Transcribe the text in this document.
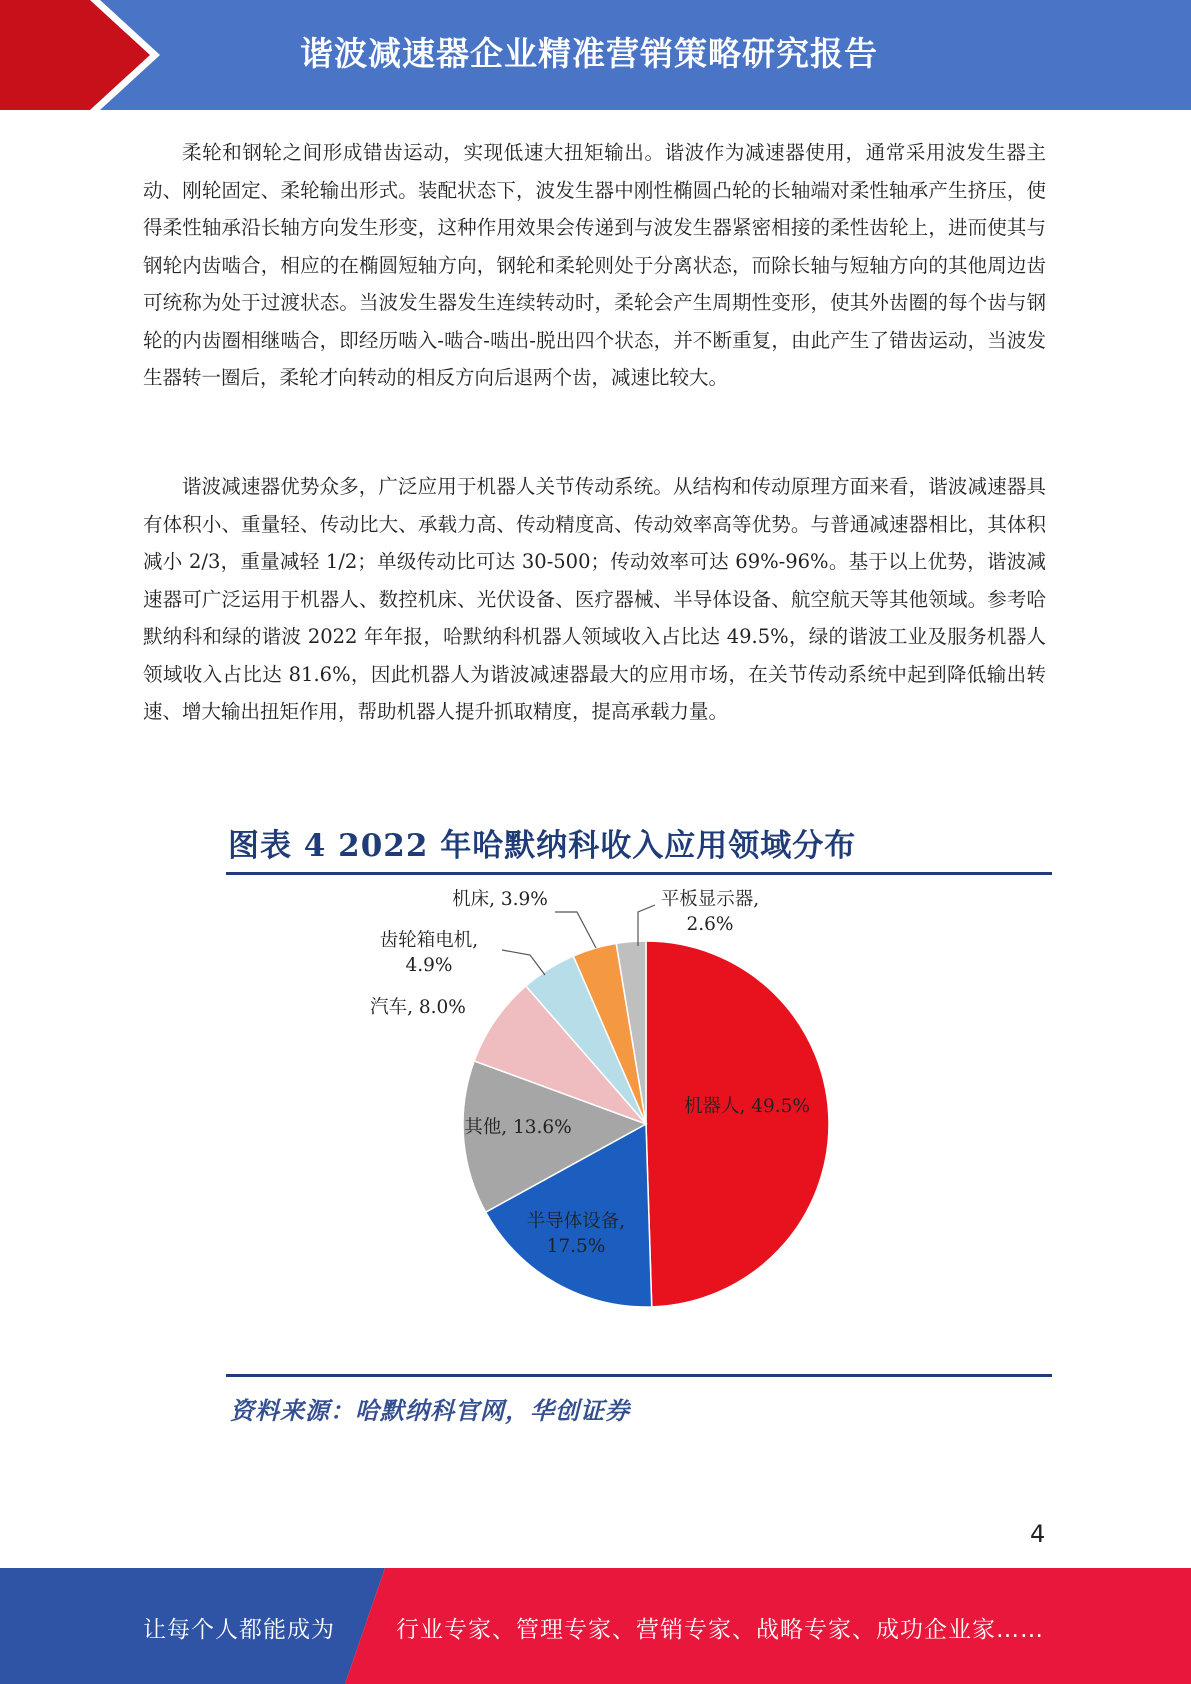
谐波减速器企业精准营销策略研究报告

柔轮和钢轮之间形成错齿运动，实现低速大扭矩输出。谐波作为减速器使用，通常采用波发生器主动、刚轮固定、柔轮输出形式。装配状态下，波发生器中刚性椭圆凸轮的长轴端对柔性轴承产生挤压，使得柔性轴承沿长轴方向发生形变，这种作用效果会传递到与波发生器紧密相接的柔性齿轮上，进而使其与钢轮内齿啮合，相应的在椭圆短轴方向，钢轮和柔轮则处于分离状态，而除长轴与短轴方向的其他周边齿可统称为处于过渡状态。当波发生器发生连续转动时，柔轮会产生周期性变形，使其外齿圈的每个齿与钢轮的内齿圈相继啮合，即经历啮入-啮合-啮出-脱出四个状态，并不断重复，由此产生了错齿运动，当波发生器转一圈后，柔轮才向转动的相反方向后退两个齿，减速比较大。

谐波减速器优势众多，广泛应用于机器人关节传动系统。从结构和传动原理方面来看，谐波减速器具有体积小、重量轻、传动比大、承载力高、传动精度高、传动效率高等优势。与普通减速器相比，其体积减小 2/3，重量减轻 1/2；单级传动比可达 30-500；传动效率可达 69%-96%。基于以上优势，谐波减速器可广泛运用于机器人、数控机床、光伏设备、医疗器械、半导体设备、航空航天等其他领域。参考哈默纳科和绿的谐波 2022 年年报，哈默纳科机器人领域收入占比达 49.5%，绿的谐波工业及服务机器人领域收入占比达 81.6%，因此机器人为谐波减速器最大的应用市场，在关节传动系统中起到降低输出转速、增大输出扭矩作用，帮助机器人提升抓取精度，提高承载力量。

图表 4 2022 年哈默纳科收入应用领域分布
机器人, 49.5%
半导体设备, 17.5%
其他, 13.6%
汽车, 8.0%
齿轮箱电机, 4.9%
机床, 3.9%	平板显示器, 2.6%
资料来源：哈默纳科官网，华创证券
4
让每个人都能成为	行业专家、管理专家、营销专家、战略专家、成功企业家……
